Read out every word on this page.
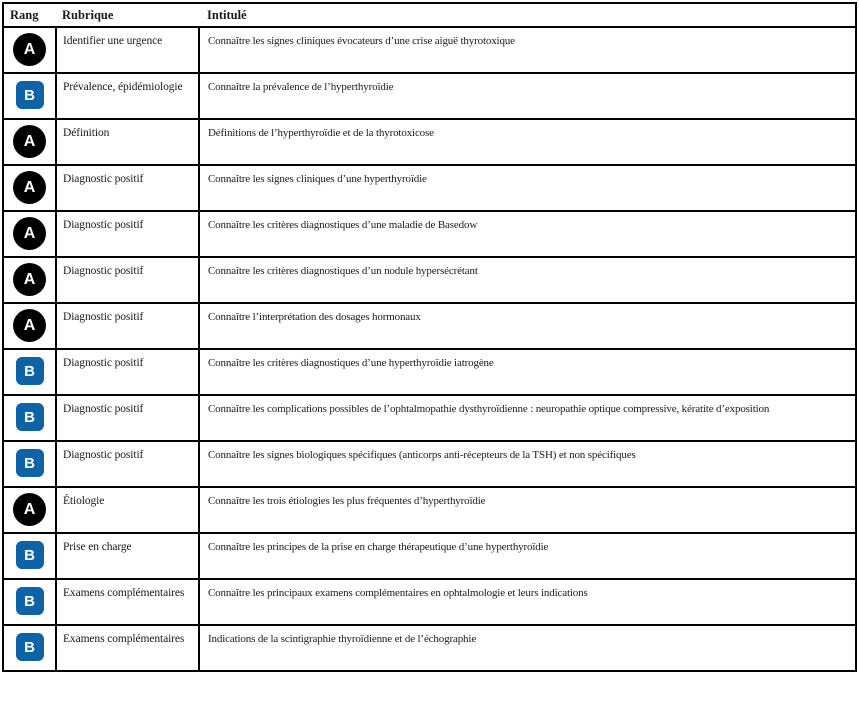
Rang	Rubrique	Intitulé

A	Identifier une urgence	Connaître les signes cliniques évocateurs d’une crise aiguë thyrotoxique

B	Prévalence, épidémiologie	Connaître la prévalence de l’hyperthyroïdie

A	Définition	Définitions de l’hyperthyroïdie et de la thyrotoxicose

A	Diagnostic positif	Connaître les signes cliniques d’une hyperthyroïdie

A	Diagnostic positif	Connaître les critères diagnostiques d’une maladie de Basedow

A	Diagnostic positif	Connaître les critères diagnostiques d’un nodule hypersécrétant

A	Diagnostic positif	Connaître l’interprétation des dosages hormonaux

B	Diagnostic positif	Connaître les critères diagnostiques d’une hyperthyroïdie iatrogène

B	Diagnostic positif	Connaître les complications possibles de l’ophtalmopathie dysthyroïdienne : neuropathie optique compressive, kératite d’exposition

B	Diagnostic positif	Connaître les signes biologiques spécifiques (anticorps anti-récepteurs de la TSH) et non spécifiques

A	Étiologie	Connaître les trois étiologies les plus fréquentes d’hyperthyroïdie

B	Prise en charge	Connaître les principes de la prise en charge thérapeutique d’une hyperthyroïdie

B	Examens complémentaires	Connaître les principaux examens complémentaires en ophtalmologie et leurs indications

B	Examens complémentaires	Indications de la scintigraphie thyroïdienne et de l’échographie
